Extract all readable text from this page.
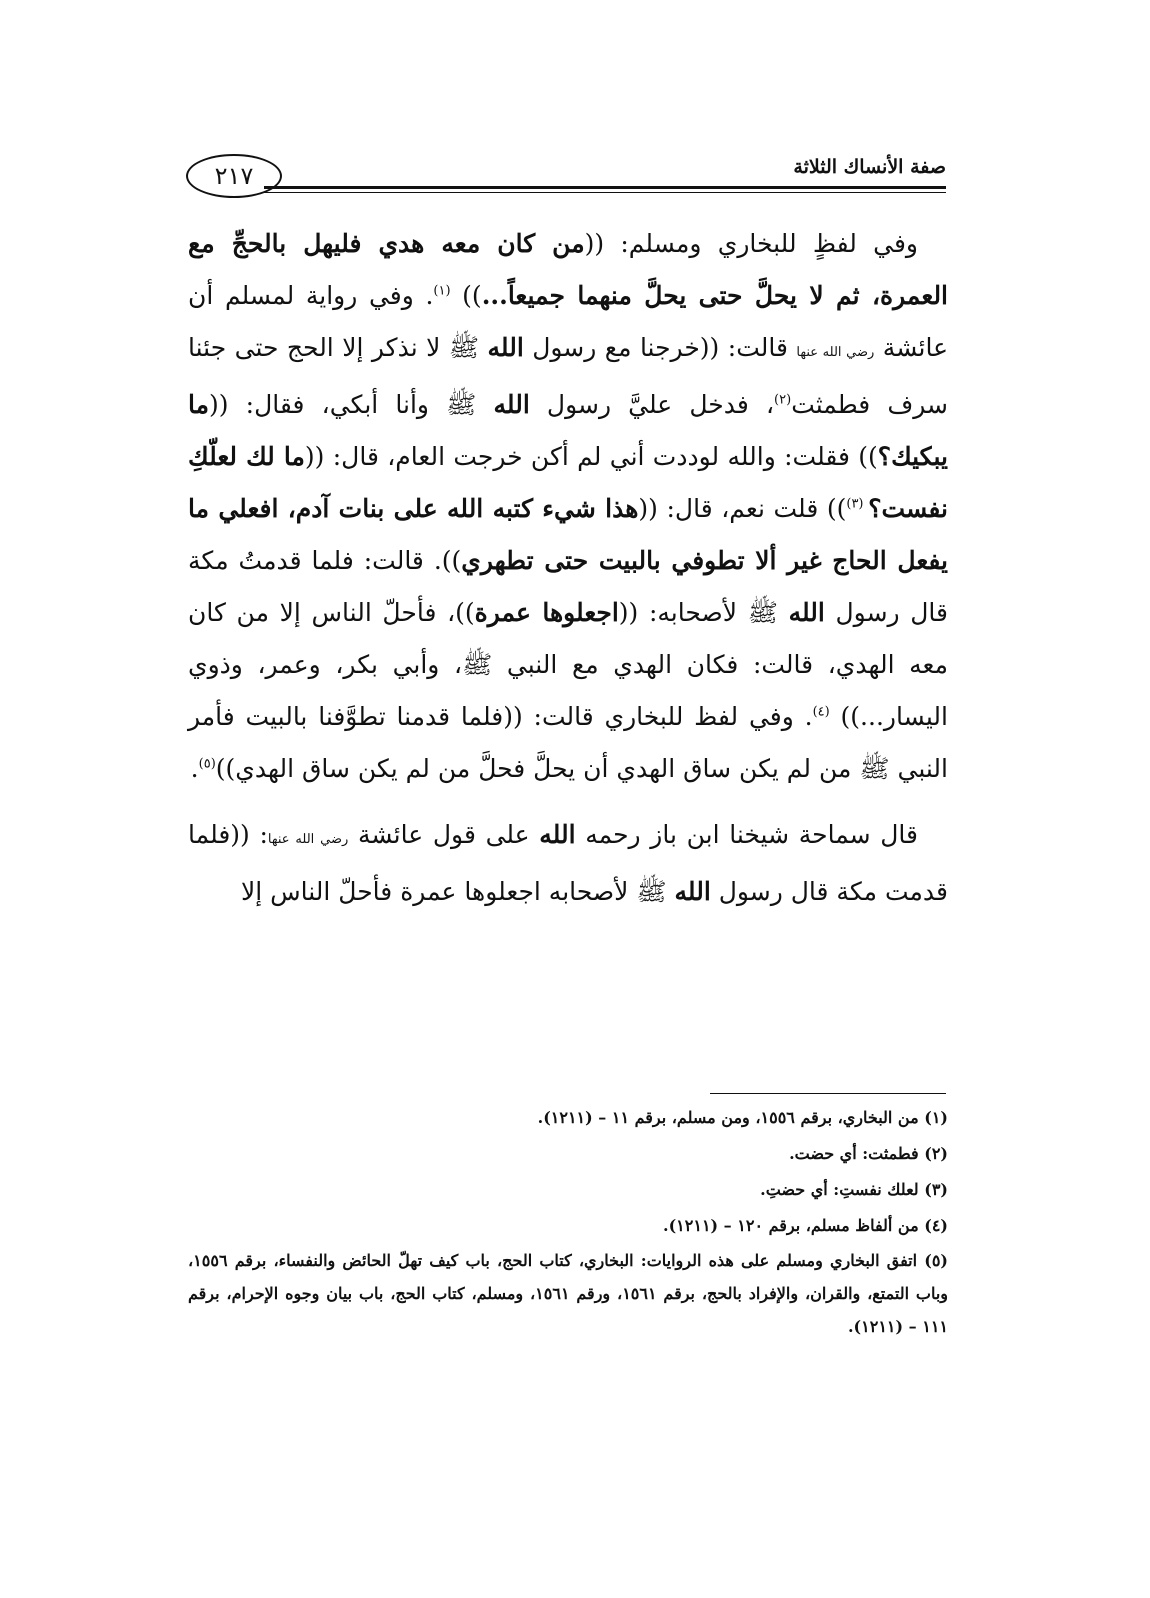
صفة الأنساك الثلاثة
٢١٧

وفي لفظٍ للبخاري ومسلم: ((من كان معه هدي فليهل بالحجِّ مع العمرة، ثم لا يحلَّ حتى يحلَّ منهما جميعاً...)) $^{(١)}$. وفي رواية لمسلم أن عائشة رضي الله عنها قالت: ((خرجنا مع رسول الله ﷺ لا نذكر إلا الحج حتى جئنا سرف فطمثت$^{(٢)}$، فدخل عليَّ رسول الله ﷺ وأنا أبكي، فقال: ((ما يبكيك؟)) فقلت: والله لوددت أني لم أكن خرجت العام، قال: ((ما لك لعلّكِ نفست؟ $^{(٣)}$)) قلت نعم، قال: ((هذا شيء كتبه الله على بنات آدم، افعلي ما يفعل الحاج غير ألا تطوفي بالبيت حتى تطهري)). قالت: فلما قدمتُ مكة قال رسول الله ﷺ لأصحابه: ((اجعلوها عمرة))، فأحلّ الناس إلا من كان معه الهدي، قالت: فكان الهدي مع النبي ﷺ، وأبي بكر، وعمر، وذوي اليسار...)) $^{(٤)}$. وفي لفظ للبخاري قالت: ((فلما قدمنا تطوَّفنا بالبيت فأمر النبي ﷺ من لم يكن ساق الهدي أن يحلَّ فحلَّ من لم يكن ساق الهدي))$^{(٥)}$.

قال سماحة شيخنا ابن باز رحمه الله على قول عائشة رضي الله عنها: ((فلما قدمت مكة قال رسول الله ﷺ لأصحابه اجعلوها عمرة فأحلّ الناس إلا

(١) من البخاري، برقم ١٥٥٦، ومن مسلم، برقم ١١ – (١٢١١).

(٢) فطمثت: أي حضت.

(٣) لعلك نفستِ: أي حضتِ.

(٤) من ألفاظ مسلم، برقم ١٢٠ – (١٢١١).

(٥) اتفق البخاري ومسلم على هذه الروايات: البخاري، كتاب الحج، باب كيف تهلّ الحائض والنفساء، برقم ١٥٥٦، وباب التمتع، والقران، والإفراد بالحج، برقم ١٥٦١، ورقم ١٥٦١، ومسلم، كتاب الحج، باب بيان وجوه الإحرام، برقم ١١١ – (١٢١١).
